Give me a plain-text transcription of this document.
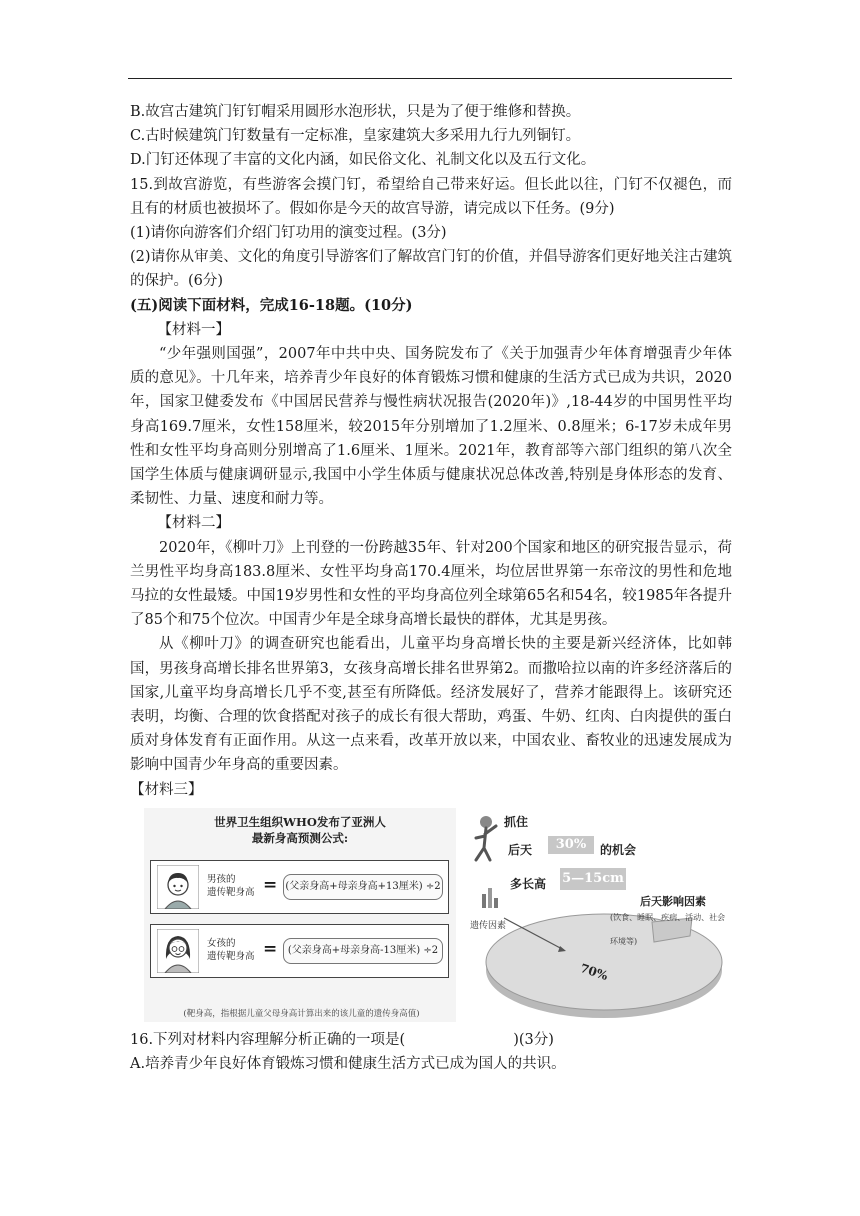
B.故宫古建筑门钉钉帽采用圆形水泡形状，只是为了便于维修和替换。

C.古时候建筑门钉数量有一定标准，皇家建筑大多采用九行九列铜钉。

D.门钉还体现了丰富的文化内涵，如民俗文化、礼制文化以及五行文化。

15.到故宫游览，有些游客会摸门钉，希望给自己带来好运。但长此以往，门钉不仅褪色，而且有的材质也被损坏了。假如你是今天的故宫导游，请完成以下任务。(9分)

(1)请你向游客们介绍门钉功用的演变过程。(3分)

(2)请你从审美、文化的角度引导游客们了解故宫门钉的价值，并倡导游客们更好地关注古建筑的保护。(6分)

(五)阅读下面材料，完成16-18题。(10分)

【材料一】

“少年强则国强”，2007年中共中央、国务院发布了《关于加强青少年体育增强青少年体质的意见》。十几年来，培养青少年良好的体育锻炼习惯和健康的生活方式已成为共识，2020年，国家卫健委发布《中国居民营养与慢性病状况报告(2020年)》,18-44岁的中国男性平均身高169.7厘米，女性158厘米，较2015年分别增加了1.2厘米、0.8厘米；6-17岁未成年男性和女性平均身高则分别增高了1.6厘米、1厘米。2021年，教育部等六部门组织的第八次全国学生体质与健康调研显示,我国中小学生体质与健康状况总体改善,特别是身体形态的发育、柔韧性、力量、速度和耐力等。

【材料二】

2020年，《柳叶刀》上刊登的一份跨越35年、针对200个国家和地区的研究报告显示，荷兰男性平均身高183.8厘米、女性平均身高170.4厘米，均位居世界第一东帝汶的男性和危地马拉的女性最矮。中国19岁男性和女性的平均身高位列全球第65名和54名，较1985年各提升了85个和75个位次。中国青少年是全球身高增长最快的群体，尤其是男孩。

从《柳叶刀》的调查研究也能看出，儿童平均身高增长快的主要是新兴经济体，比如韩国，男孩身高增长排名世界第3，女孩身高增长排名世界第2。而撒哈拉以南的许多经济落后的国家,儿童平均身高增长几乎不变,甚至有所降低。经济发展好了，营养才能跟得上。该研究还表明，均衡、合理的饮食搭配对孩子的成长有很大帮助，鸡蛋、牛奶、红肉、白肉提供的蛋白质对身体发育有正面作用。从这一点来看，改革开放以来，中国农业、畜牧业的迅速发展成为影响中国青少年身高的重要因素。

【材料三】

世界卫生组织WHO发布了亚洲人
最新身高预测公式:
男孩的
遗传靶身高 = (父亲身高+母亲身高+13厘米) ÷2
女孩的
遗传靶身高 =	(父亲身高+母亲身高-13厘米) ÷2
(靶身高，指根据儿童父母身高计算出来的该儿童的遗传身高值)
抓住
后天	30%	的机会
多长高 5—15cm
后天影响因素
(饮食、睡眠、疾病、活动、社会环境等)
遗传因素
70%

16.下列对材料内容理解分析正确的一项是(	)(3分)

A.培养青少年良好体育锻炼习惯和健康生活方式已成为国人的共识。
